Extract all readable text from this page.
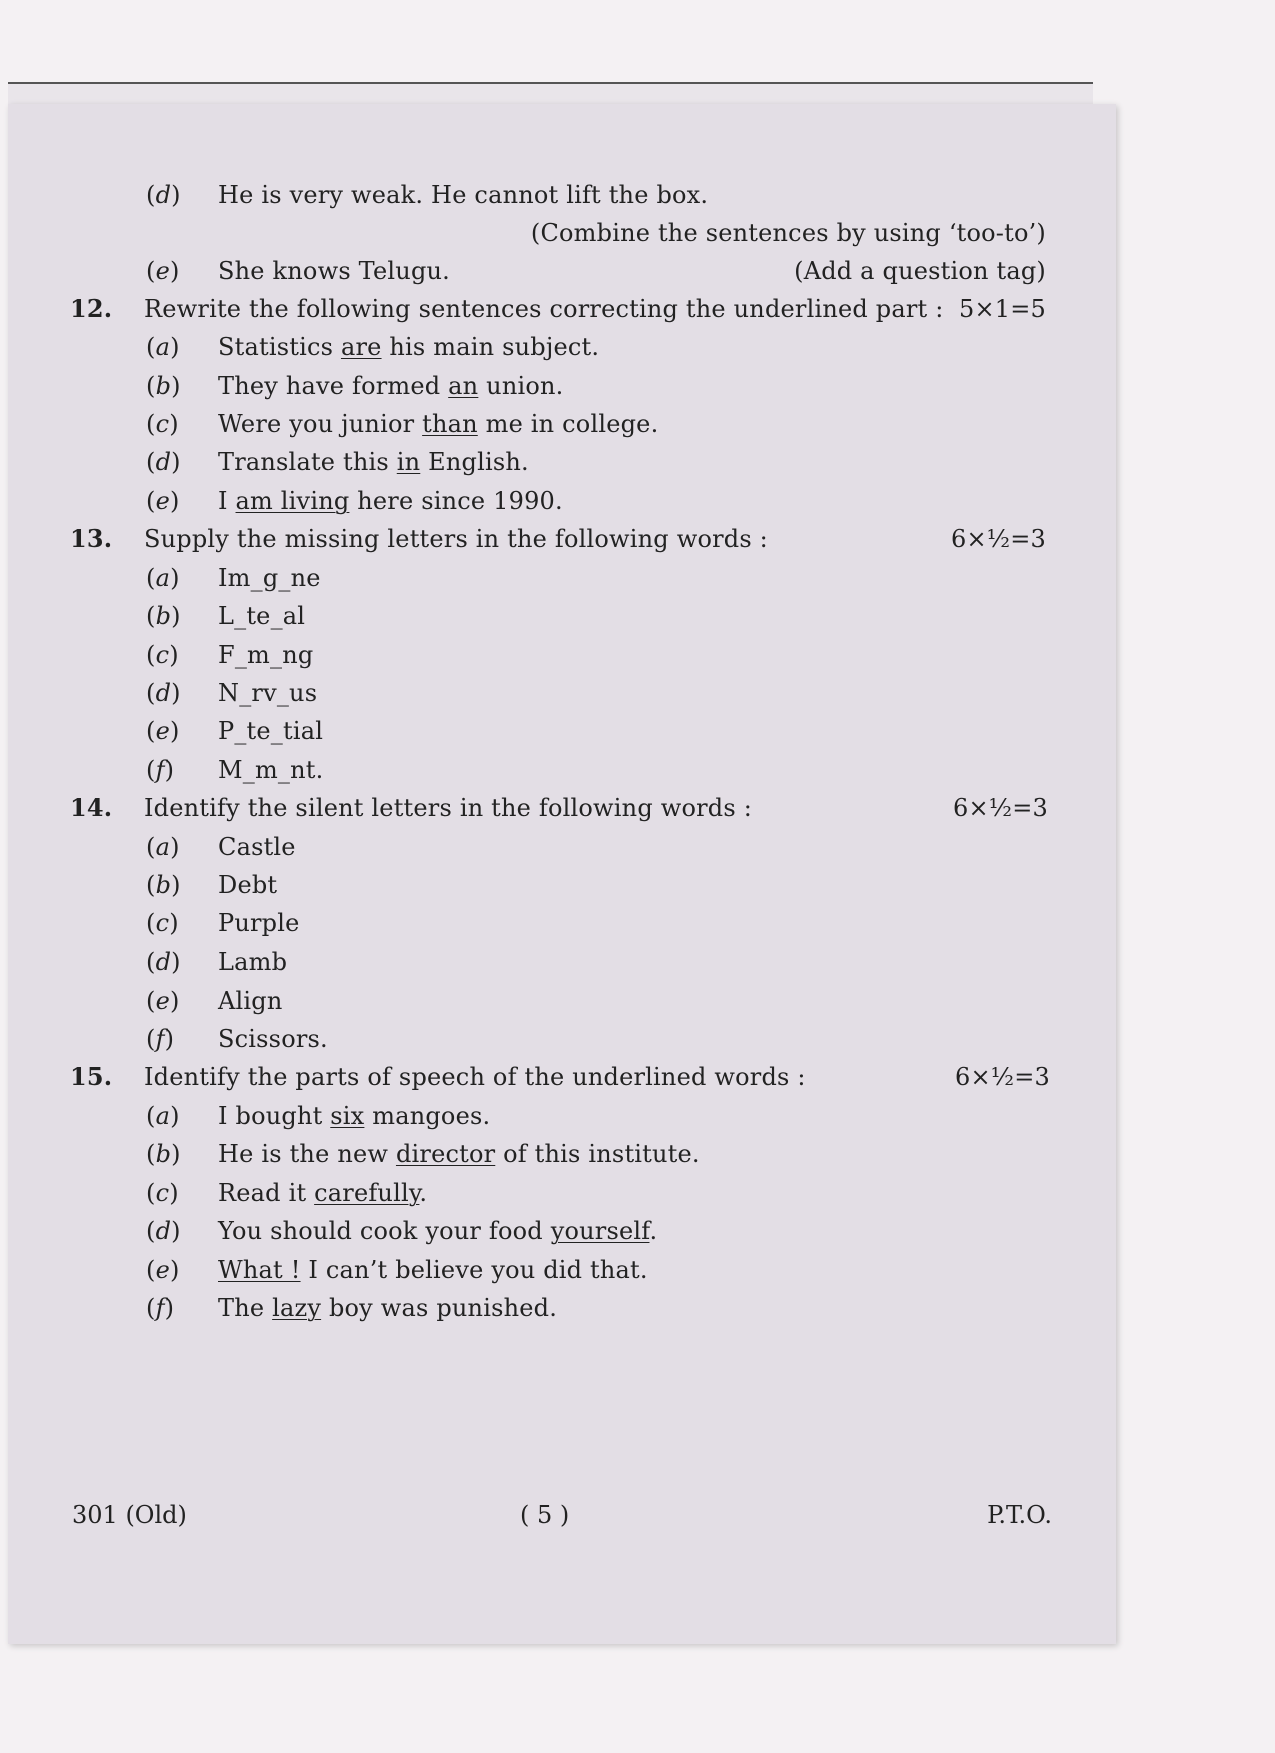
(d) He is very weak. He cannot lift the box.
(Combine the sentences by using ‘too-to’)
(e) She knows Telugu.	(Add a question tag)
12. Rewrite the following sentences correcting the underlined part : 5×1=5
(a) Statistics are his main subject.
(b) They have formed an union.
(c) Were you junior than me in college.
(d) Translate this in English.
(e) I am living here since 1990.
13. Supply the missing letters in the following words :	6×½=3
(a) Im_g_ne
(b) L_te_al
(c) F_m_ng
(d) N_rv_us
(e) P_te_tial
(f) M_m_nt.
14. Identify the silent letters in the following words :	6×½=3
(a) Castle
(b) Debt
(c) Purple
(d) Lamb
(e) Align
(f) Scissors.
15. Identify the parts of speech of the underlined words :	6×½=3
(a) I bought six mangoes.
(b) He is the new director of this institute.
(c) Read it carefully.
(d) You should cook your food yourself.
(e) What ! I can’t believe you did that.
(f) The lazy boy was punished.
301 (Old)	( 5 )	P.T.O.
